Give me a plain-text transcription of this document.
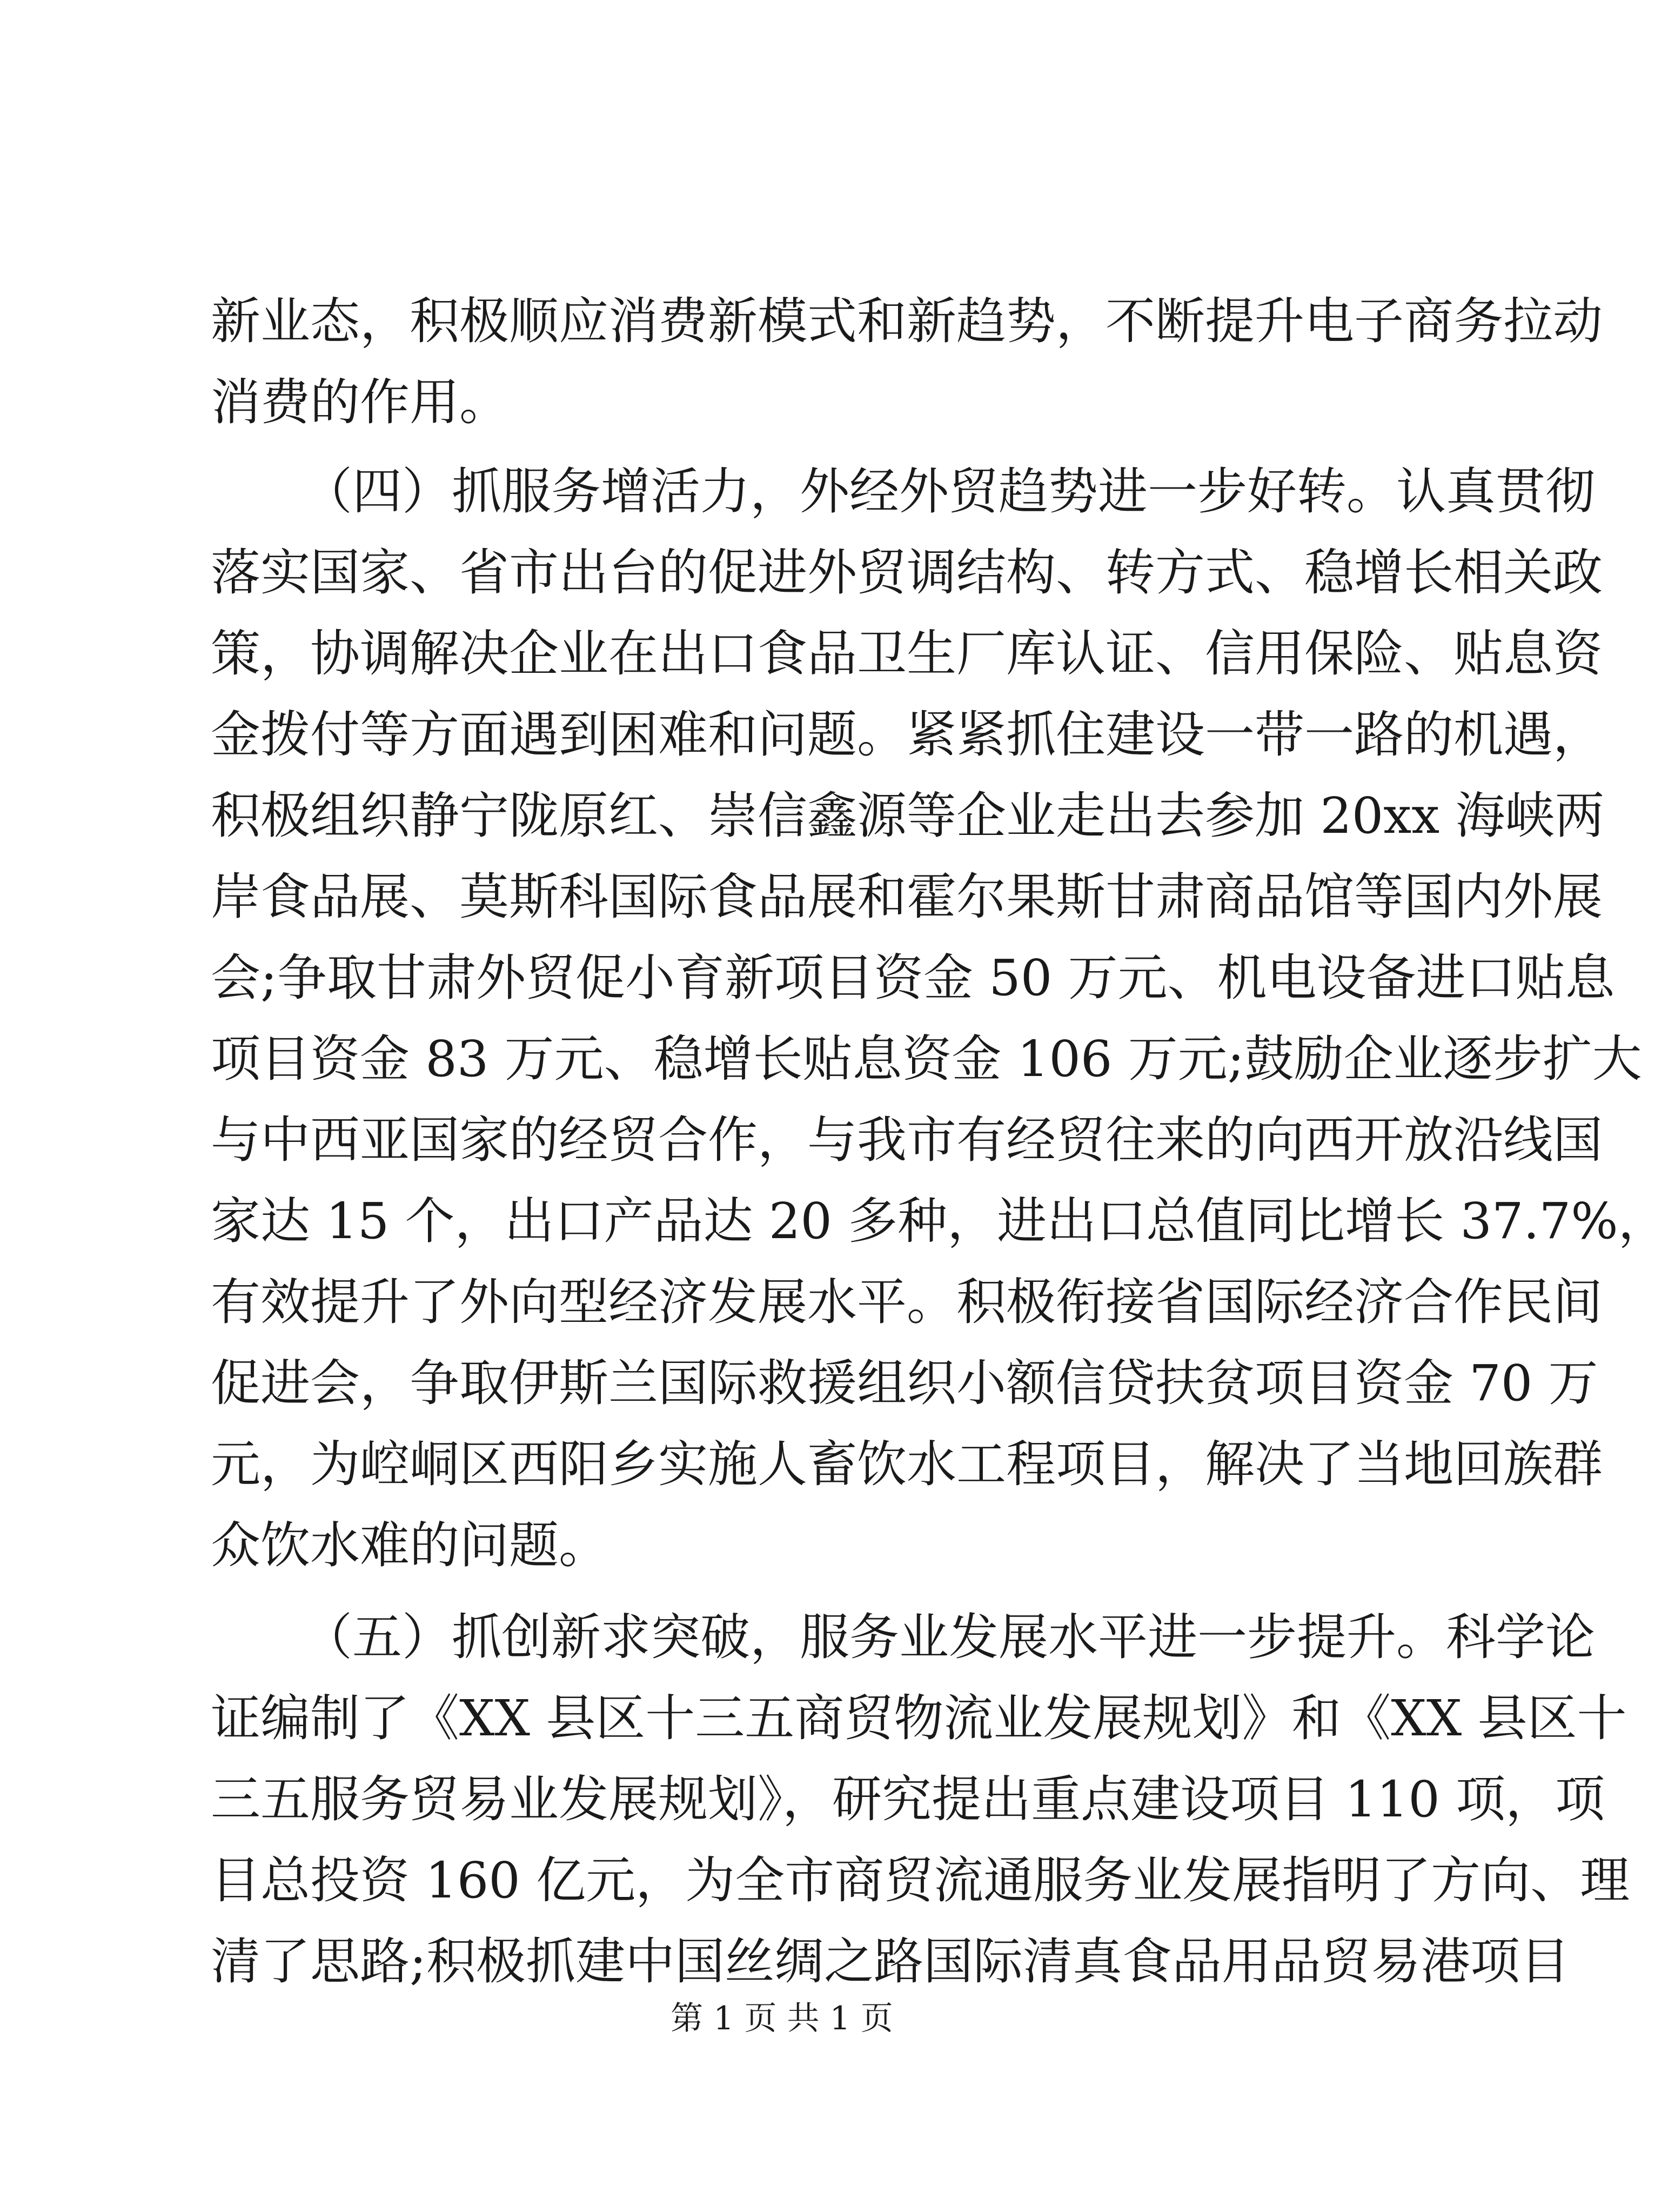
新业态，积极顺应消费新模式和新趋势，不断提升电子商务拉动
消费的作用。
（四）抓服务增活力，外经外贸趋势进一步好转。认真贯彻
落实国家、省市出台的促进外贸调结构、转方式、稳增长相关政
策，协调解决企业在出口食品卫生厂库认证、信用保险、贴息资
金拨付等方面遇到困难和问题。紧紧抓住建设一带一路的机遇，
积极组织静宁陇原红、崇信鑫源等企业走出去参加 20xx 海峡两
岸食品展、莫斯科国际食品展和霍尔果斯甘肃商品馆等国内外展
会;争取甘肃外贸促小育新项目资金 50 万元、机电设备进口贴息
项目资金 83 万元、稳增长贴息资金 106 万元;鼓励企业逐步扩大
与中西亚国家的经贸合作，与我市有经贸往来的向西开放沿线国
家达 15 个，出口产品达 20 多种，进出口总值同比增长 37.7%，
有效提升了外向型经济发展水平。积极衔接省国际经济合作民间
促进会，争取伊斯兰国际救援组织小额信贷扶贫项目资金 70 万
元，为崆峒区西阳乡实施人畜饮水工程项目，解决了当地回族群
众饮水难的问题。
（五）抓创新求突破，服务业发展水平进一步提升。科学论
证编制了《XX 县区十三五商贸物流业发展规划》和《XX 县区十
三五服务贸易业发展规划》，研究提出重点建设项目 110 项，项
目总投资 160 亿元，为全市商贸流通服务业发展指明了方向、理
清了思路;积极抓建中国丝绸之路国际清真食品用品贸易港项目
第 1 页 共 1 页
